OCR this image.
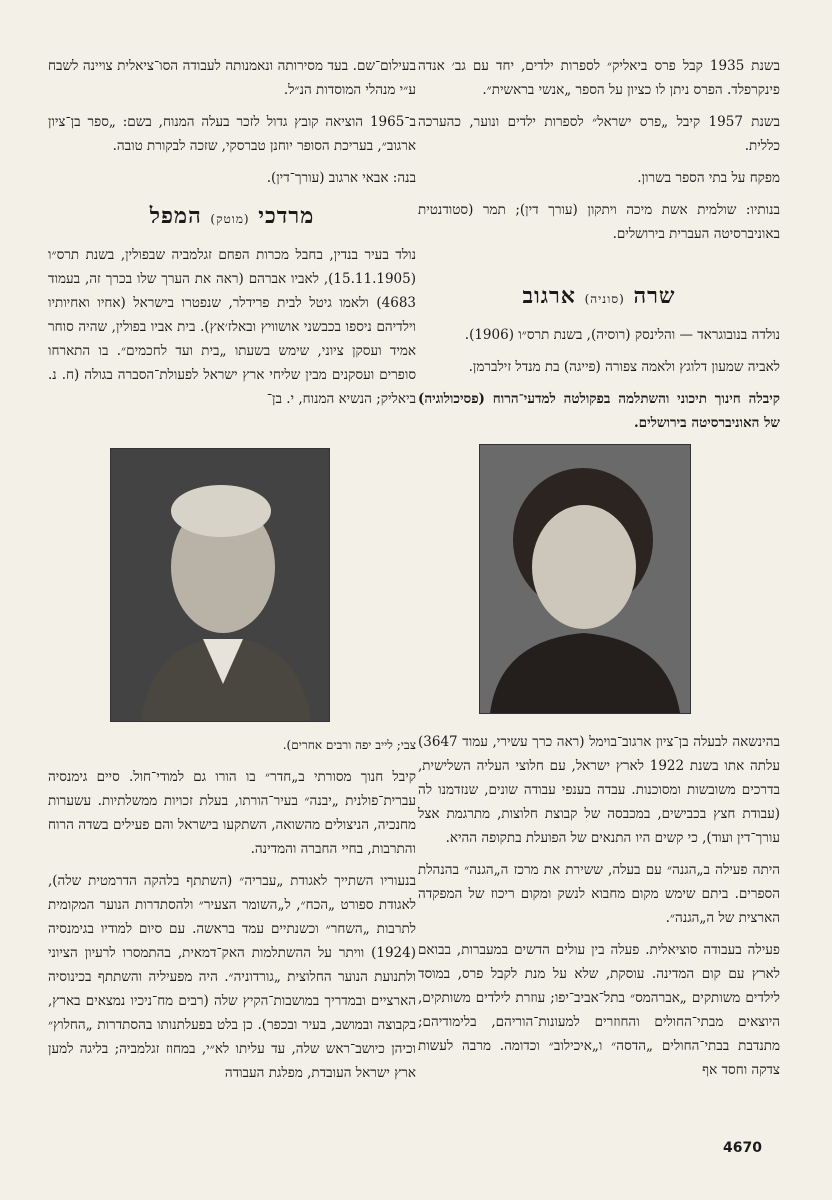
בשנת 1935 קבל פרס ביאליק״ לספרות ילדים, יחד עם גב׳ אנדה פינקרפלד. הפרס ניתן לו כציון על הספר „אנשי בראשית״.

בשנת 1957 קיבל „פרס ישראל״ לספרות ילדים ונוער, כהערכה כללית.

מפקח על בתי הספר בשרון.

בנותיו: שולמית אשת מיכה ויתקון (עורך דין); תמר (סטודנטית באוניברסיטה העברית בירושלים.

שרה (סוניה) ארגוב

נולדה בנובוגראד — והלינסק (רוסיה), בשנת תרס״ו (1906).

לאביה שמעון דלוגץ ולאמה צפורה (פייגה) בת מנדל זילברמן.

קיבלה חינוך תיכוני והשתלמה בפקולטה למדעי־הרוח (פסיכולוגיה) של האוניברסיטה בירושלים.

בעילום־שם. בעד מסירותה ונאמנותה לעבודה הסו־ציאלית צויינה לשבח ע״י מנהלי המוסדות הנ״ל.

ב־1965 הוציאה קובץ גדול לזכר בעלה המנוח, בשם: „ספר בן־ציון ארגוב״, בעריכת הסופר יוחנן טברסקי, שזכה לבקורת טובה.

בנה: אבאי ארגוב (עורך־דין).

מרדכי (מוטק) המפל

נולד בעיר בנדין, בחבל מכרות הפחם זגלמביה שבפולין, בשנת תרס״ו (15.11.1905), לאביו אברהם (ראה את הערך שלו בכרך זה, בעמוד 4683) ולאמו גיטל לבית פרידלר, שנפטרו בישראל (אחיו ואחיותיו וילדיהם ניספו בכבשני אושוויץ ובאלז׳אץ). בית אביו בפולין, שהיה סוחר אמיד ועסקן ציוני, שימש בשעתו „בית ועד לחכמים״. בו התארחו סופרים ועסקנים מבין שליחי ארץ ישראל לפעולת־הסברה בגולה (ח. נ. ביאליק; הנשיא המנוח, י. בן־

בהינשאה לבעלה בן־ציון ארגוב־בוימל (ראה כרך עשירי, עמוד 3647) עלתה אתו בשנת 1922 לארץ ישראל, עם חלוצי העליה השלישית, בדרכים משובשות ומסוכנות. עבדה בענפי עבודה שונים, שנזדמנו לה (עבודת חצץ בכבישים, במכבסה של קבוצת חלוצות, מתרגמת אצל עורך־דין ועוד), כי קשים היו התנאים של הפועלת בתקופה ההיא.

היתה פעילה ב„הגנה״ עם בעלה, ששירת את מרכז ה„הגנה״ בהנהלת הספרים. ביתם שימש מקום מחבוא לנשק ומקום ריכוז של המפקדה הארצית של ה„הגנה״.

פעילה בעבודה סוציאלית. פעלה בין עולים הדשים במעברות, בבואם לארץ עם קום המדינה. עוסקת, שלא על מנת לקבל פרס, במוסד לילדים משותקים „אברהמס״ בתל־אביב־יפו; עוזרת לילדים משותקים, היוצאים מבתי־החולים והחוזרים למעונות־הוריהם, בלימודיהם; מתנדבת בבתי־החולים „הדסה״ ו„איכילוב״ וכדומה. מרבה לעשות צדקה וחסד אף

צבי; לייב יפה ורבים אחרים).

קיבל חנוך מסורתי ב„חדר״ בו הורו גם למודי־חול. סיים גימנסיה עברית־פולנית „יבנה״ בעיר־הורתו, בעלת זכויות ממשלתיות. עשערות מחנכיה, הניצולים מהשואה, השתקעו בישראל והם פעילים בשדה הרוח והתרבות, בחיי החברה והמדינה.

בנעוריו השתייך לאגודת „עבריה״ (השתתף בלהקה הדרמטית שלה), לאגודת ספורט „הכח״, ל„השומר הצעיר״ ולהסתדרות הנוער המקומית לתרבות „השחר״ וכשנתיים עמד בראשה. עם סיום למודיו בגימנסיה (1924) וויתר על ההשתלמות האק־דמאית, בהתמסרו לרעיון הציוני ולתנועת הנוער החלוצית „גורדוניה״. היה מפעיליה והשתתף בכינוסיה הארציים ובמדריך במושבות־הקיץ שלה (רבים מח־ניכיו נמצאים בארץ, בקבוצה ובמושב, בעיר ובכפר). כן בלט בפעלתנותו בהסתדרות „החלוץ״ וכיהן כיושב־ראש שלה, עד עליתו לא״י, במחוז זגלמביה; בליגה למען ארץ ישראל העובדת, מפלגת העבודה

4670
